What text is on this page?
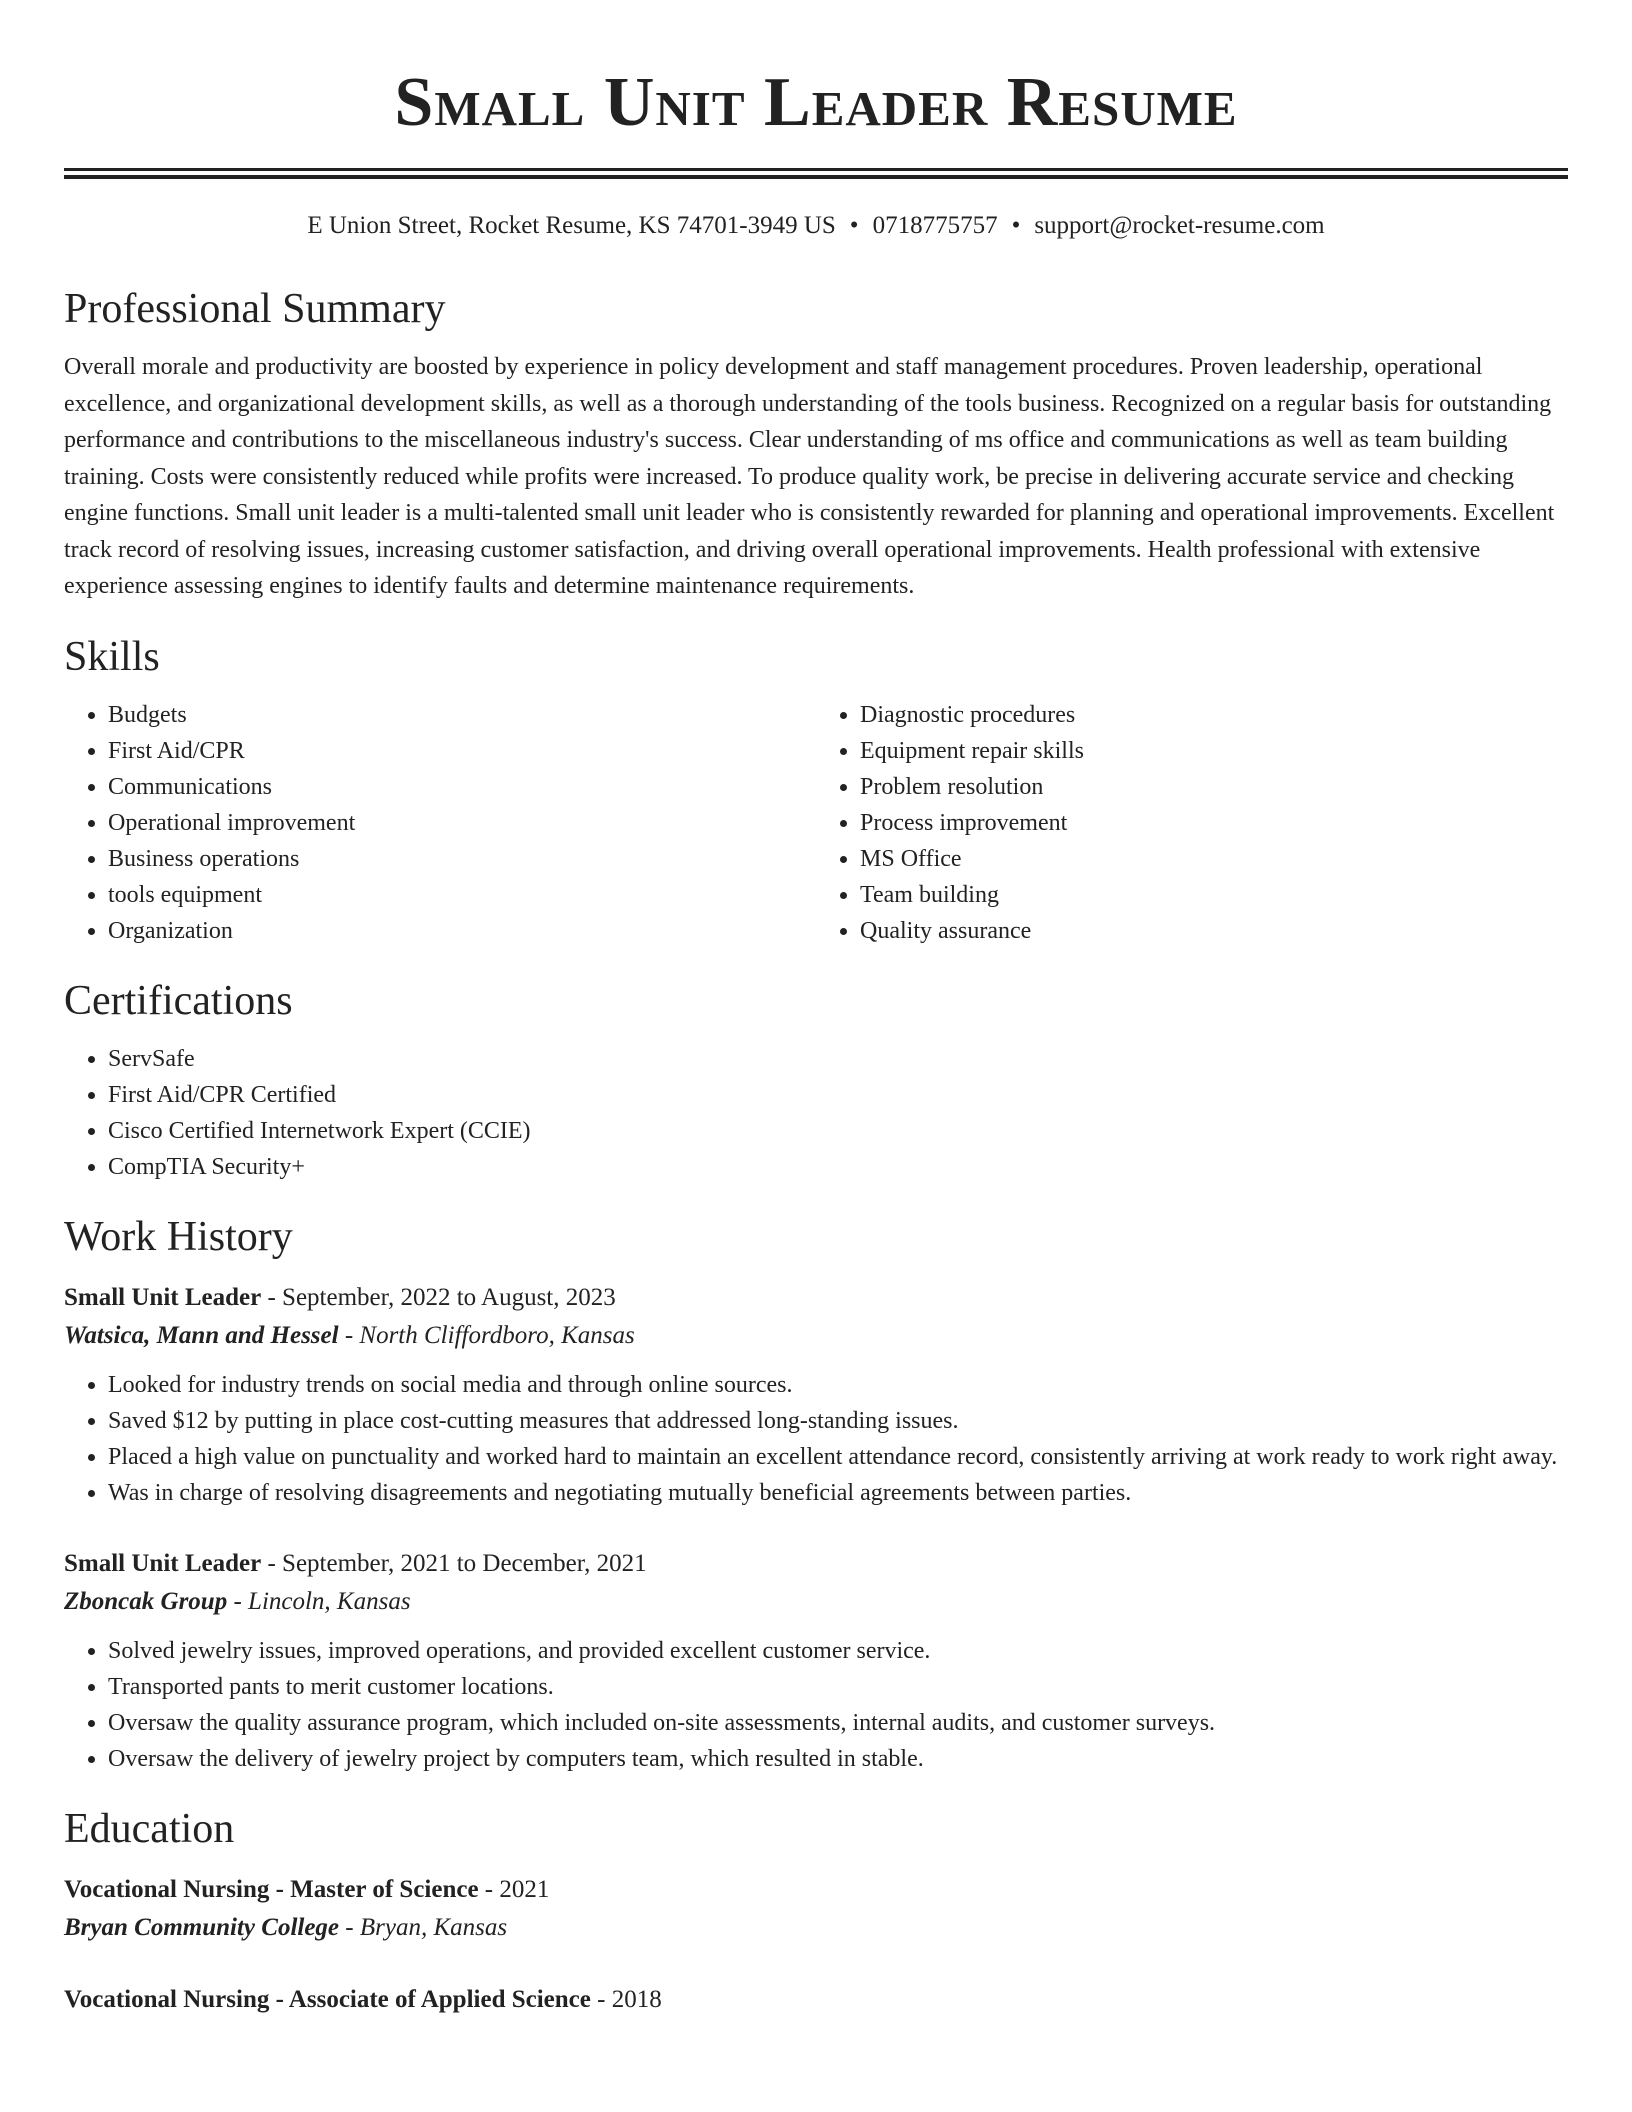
Small Unit Leader Resume
E Union Street, Rocket Resume, KS 74701-3949 US • 0718775757 • support@rocket-resume.com
Professional Summary

Overall morale and productivity are boosted by experience in policy development and staff management procedures. Proven leadership, operational excellence, and organizational development skills, as well as a thorough understanding of the tools business. Recognized on a regular basis for outstanding performance and contributions to the miscellaneous industry's success. Clear understanding of ms office and communications as well as team building training. Costs were consistently reduced while profits were increased. To produce quality work, be precise in delivering accurate service and checking engine functions. Small unit leader is a multi-talented small unit leader who is consistently rewarded for planning and operational improvements. Excellent track record of resolving issues, increasing customer satisfaction, and driving overall operational improvements. Health professional with extensive experience assessing engines to identify faults and determine maintenance requirements.

Skills
• Budgets
• First Aid/CPR
• Communications
• Operational improvement
• Business operations
• tools equipment
• Organization
• Diagnostic procedures
• Equipment repair skills
• Problem resolution
• Process improvement
• MS Office
• Team building
• Quality assurance
Certifications
• ServSafe
• First Aid/CPR Certified
• Cisco Certified Internetwork Expert (CCIE)
• CompTIA Security+
Work History
Small Unit Leader - September, 2022 to August, 2023
Watsica, Mann and Hessel - North Cliffordboro, Kansas
• Looked for industry trends on social media and through online sources.
• Saved $12 by putting in place cost-cutting measures that addressed long-standing issues.
• Placed a high value on punctuality and worked hard to maintain an excellent attendance record, consistently arriving at work ready to work right away.
• Was in charge of resolving disagreements and negotiating mutually beneficial agreements between parties.
Small Unit Leader - September, 2021 to December, 2021
Zboncak Group - Lincoln, Kansas
• Solved jewelry issues, improved operations, and provided excellent customer service.
• Transported pants to merit customer locations.
• Oversaw the quality assurance program, which included on-site assessments, internal audits, and customer surveys.
• Oversaw the delivery of jewelry project by computers team, which resulted in stable.
Education
Vocational Nursing - Master of Science - 2021
Bryan Community College - Bryan, Kansas
Vocational Nursing - Associate of Applied Science - 2018
